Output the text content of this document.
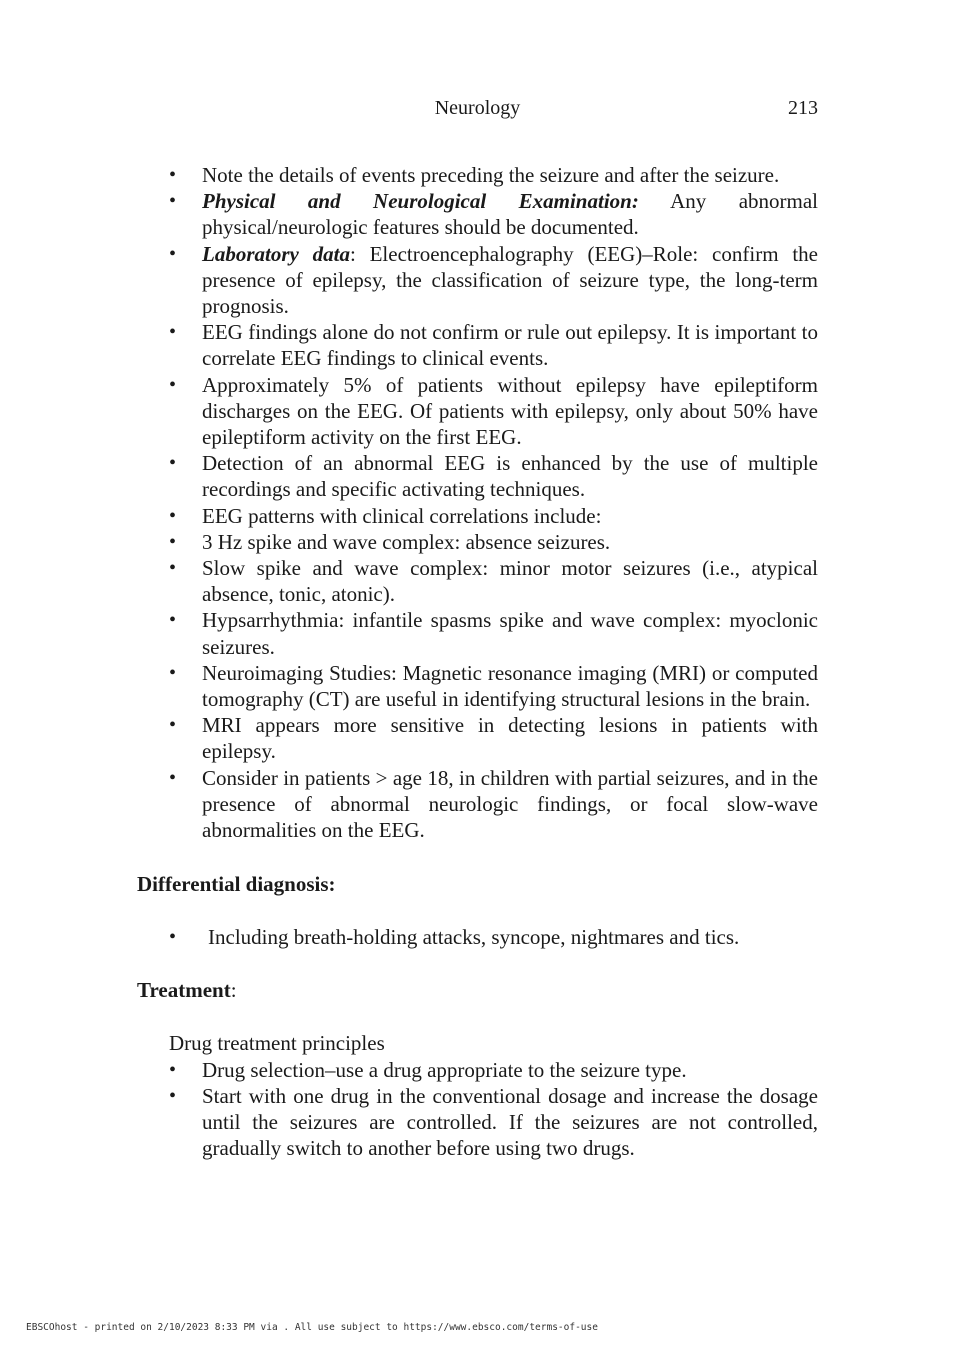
Neurology	213
• Note the details of events preceding the seizure and after the seizure.
• Physical and Neurological Examination: Any abnormal physical/neurologic features should be documented.
• Laboratory data: Electroencephalography (EEG)–Role: confirm the presence of epilepsy, the classification of seizure type, the long-term prognosis.
• EEG findings alone do not confirm or rule out epilepsy. It is important to correlate EEG findings to clinical events.
• Approximately 5% of patients without epilepsy have epileptiform discharges on the EEG. Of patients with epilepsy, only about 50% have epileptiform activity on the first EEG.
• Detection of an abnormal EEG is enhanced by the use of multiple recordings and specific activating techniques.
• EEG patterns with clinical correlations include:
• 3 Hz spike and wave complex: absence seizures.
• Slow spike and wave complex: minor motor seizures (i.e., atypical absence, tonic, atonic).
• Hypsarrhythmia: infantile spasms spike and wave complex: myoclonic seizures.
• Neuroimaging Studies: Magnetic resonance imaging (MRI) or computed tomography (CT) are useful in identifying structural lesions in the brain.
• MRI appears more sensitive in detecting lesions in patients with epilepsy.
• Consider in patients > age 18, in children with partial seizures, and in the presence of abnormal neurologic findings, or focal slow-wave abnormalities on the EEG.
Differential diagnosis:
• Including breath-holding attacks, syncope, nightmares and tics.
Treatment:
Drug treatment principles
• Drug selection–use a drug appropriate to the seizure type.
• Start with one drug in the conventional dosage and increase the dosage until the seizures are controlled. If the seizures are not controlled, gradually switch to another before using two drugs.
EBSCOhost - printed on 2/10/2023 8:33 PM via . All use subject to https://www.ebsco.com/terms-of-use
